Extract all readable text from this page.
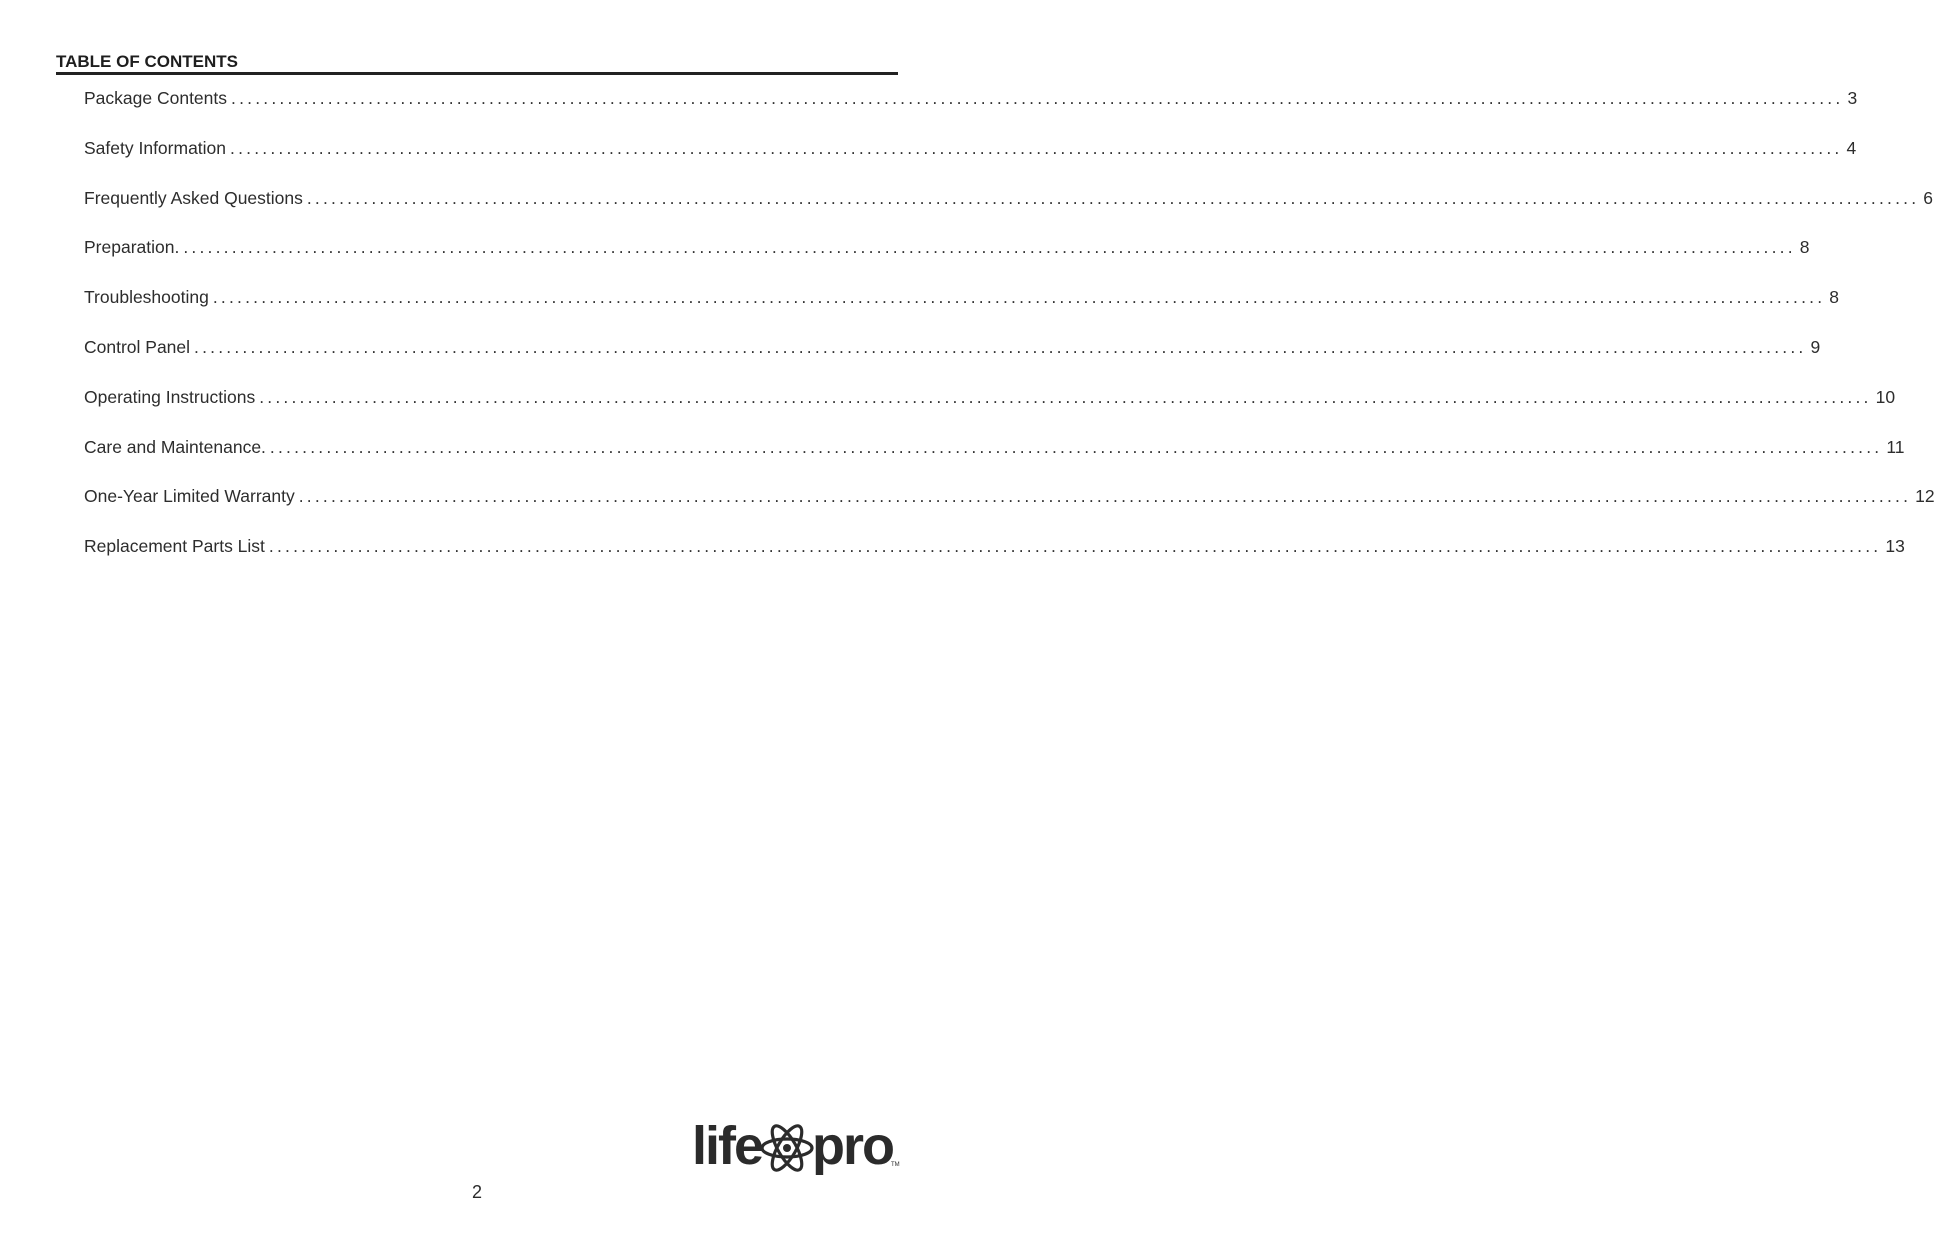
TABLE OF CONTENTS
Package Contents ........................................................................................................................................................................................................ 3
Safety Information ........................................................................................................................................................................................................ 4
Frequently Asked Questions ........................................................................................................................................................................................................ 6
Preparation. ........................................................................................................................................................................................................ 8
Troubleshooting ........................................................................................................................................................................................................ 8
Control Panel ........................................................................................................................................................................................................ 9
Operating Instructions ........................................................................................................................................................................................................ 10
Care and Maintenance. ........................................................................................................................................................................................................ 11
One-Year Limited Warranty ........................................................................................................................................................................................................ 12
Replacement Parts List ........................................................................................................................................................................................................ 13
life pro
TM
2
